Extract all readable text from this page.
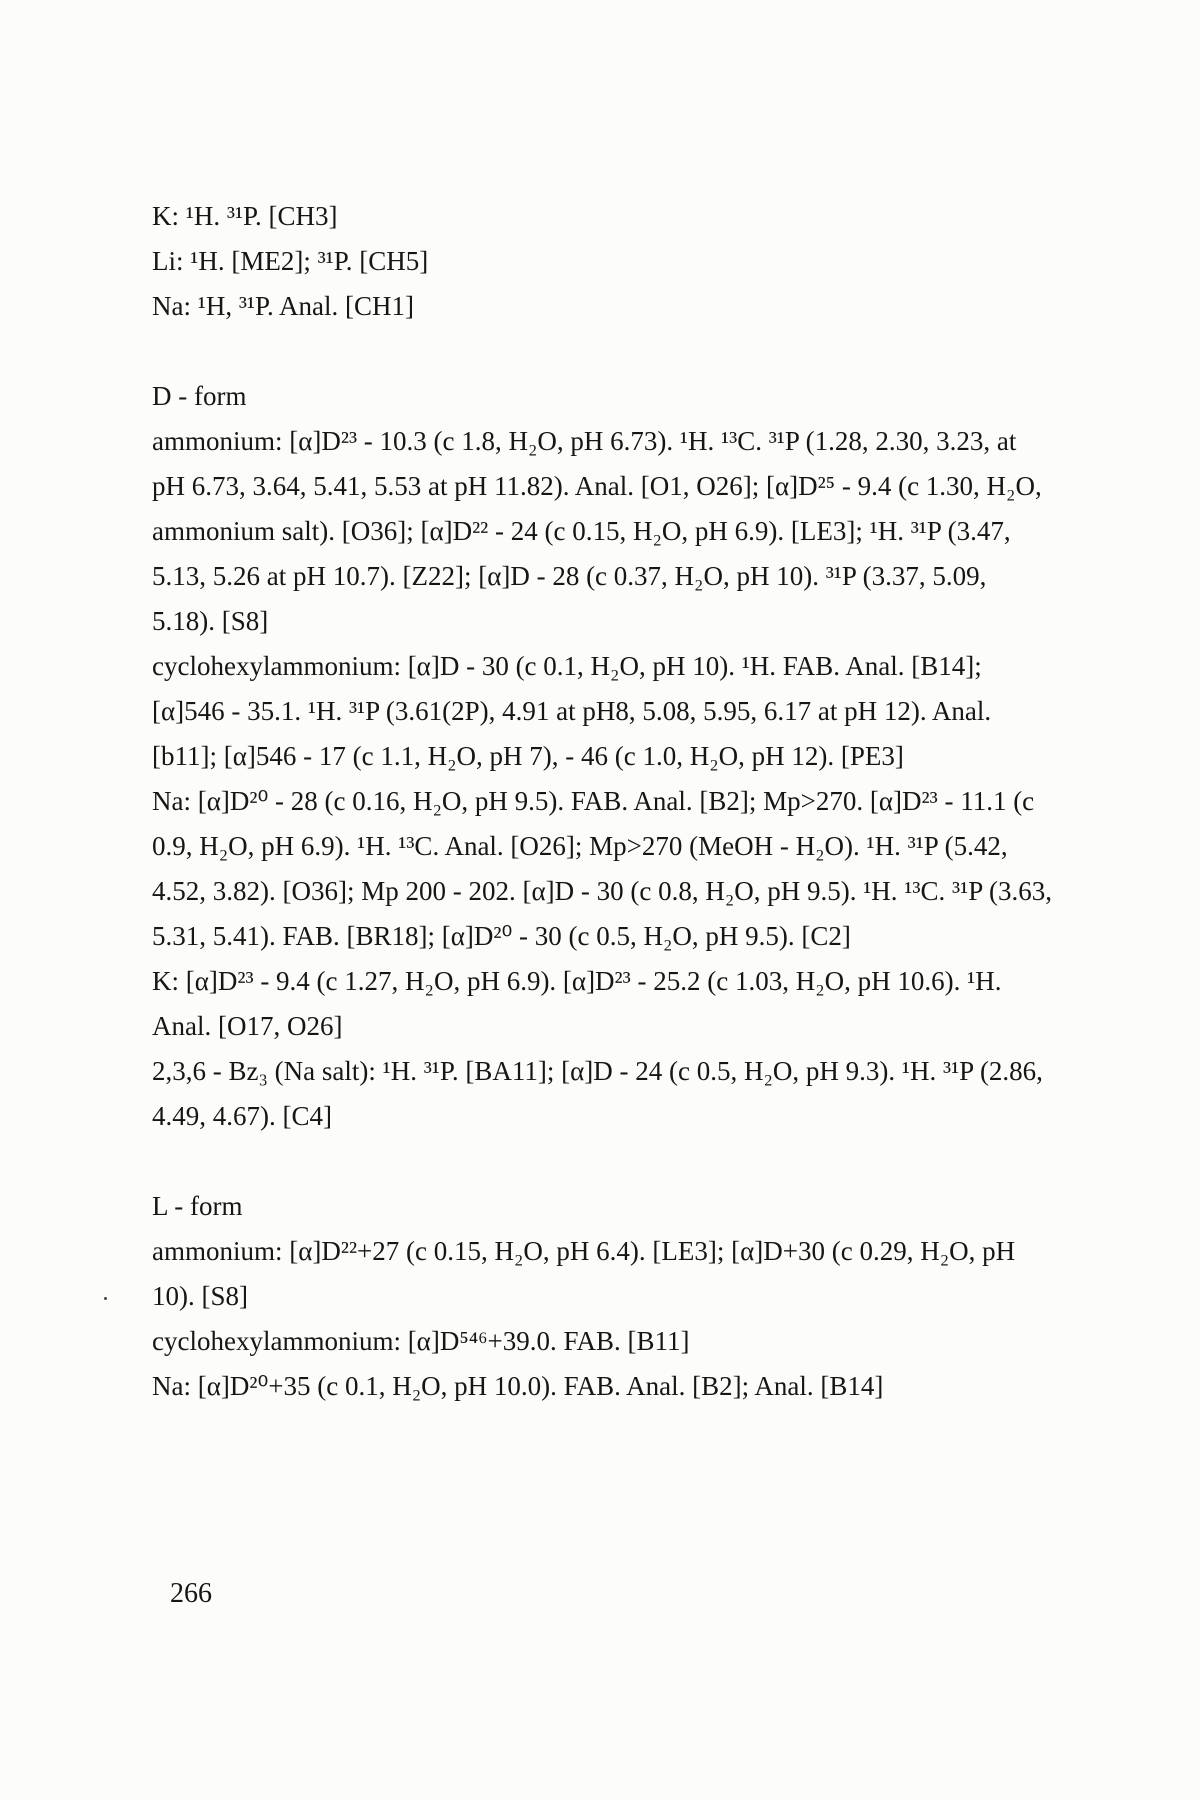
K: ¹H. ³¹P. [CH3]
Li: ¹H. [ME2]; ³¹P. [CH5]
Na: ¹H, ³¹P. Anal. [CH1]
D - form
ammonium: [α]D²³ - 10.3 (c 1.8, H₂O, pH 6.73). ¹H. ¹³C. ³¹P (1.28, 2.30, 3.23, at pH 6.73, 3.64, 5.41, 5.53 at pH 11.82). Anal. [O1, O26]; [α]D²⁵ - 9.4 (c 1.30, H₂O, ammonium salt). [O36]; [α]D²² - 24 (c 0.15, H₂O, pH 6.9). [LE3]; ¹H. ³¹P (3.47, 5.13, 5.26 at pH 10.7). [Z22]; [α]D - 28 (c 0.37, H₂O, pH 10). ³¹P (3.37, 5.09, 5.18). [S8]
cyclohexylammonium: [α]D - 30 (c 0.1, H₂O, pH 10). ¹H. FAB. Anal. [B14]; [α]546 - 35.1. ¹H. ³¹P (3.61(2P), 4.91 at pH8, 5.08, 5.95, 6.17 at pH 12). Anal. [b11]; [α]546 - 17 (c 1.1, H₂O, pH 7), - 46 (c 1.0, H₂O, pH 12). [PE3]
Na: [α]D²⁰ - 28 (c 0.16, H₂O, pH 9.5). FAB. Anal. [B2]; Mp>270. [α]D²³ - 11.1 (c 0.9, H₂O, pH 6.9). ¹H. ¹³C. Anal. [O26]; Mp>270 (MeOH - H₂O). ¹H. ³¹P (5.42, 4.52, 3.82). [O36]; Mp 200 - 202. [α]D - 30 (c 0.8, H₂O, pH 9.5). ¹H. ¹³C. ³¹P (3.63, 5.31, 5.41). FAB. [BR18]; [α]D²⁰ - 30 (c 0.5, H₂O, pH 9.5). [C2]
K: [α]D²³ - 9.4 (c 1.27, H₂O, pH 6.9). [α]D²³ - 25.2 (c 1.03, H₂O, pH 10.6). ¹H. Anal. [O17, O26]
2,3,6 - Bz₃ (Na salt): ¹H. ³¹P. [BA11]; [α]D - 24 (c 0.5, H₂O, pH 9.3). ¹H. ³¹P (2.86, 4.49, 4.67). [C4]
L - form
ammonium: [α]D²²+27 (c 0.15, H₂O, pH 6.4). [LE3]; [α]D+30 (c 0.29, H₂O, pH 10). [S8]
cyclohexylammonium: [α]D⁵⁴⁶+39.0. FAB. [B11]
Na: [α]D²⁰+35 (c 0.1, H₂O, pH 10.0). FAB. Anal. [B2]; Anal. [B14]
266
